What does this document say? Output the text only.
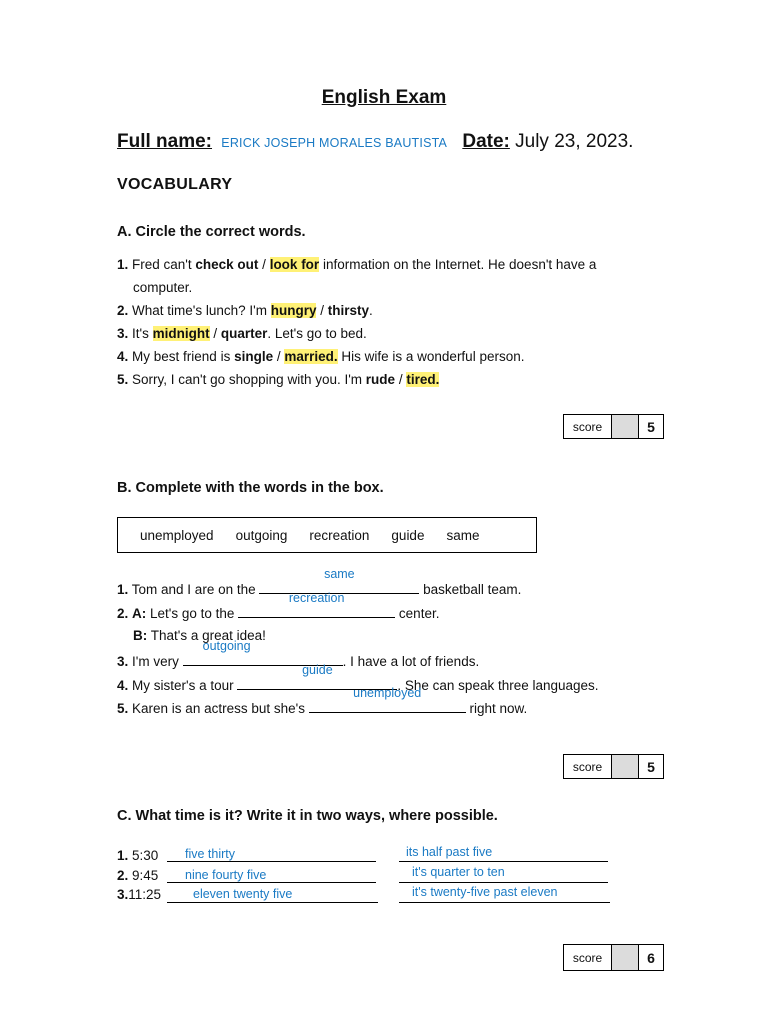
English Exam
Full name: ERICK JOSEPH MORALES BAUTISTA Date: July 23, 2023.
VOCABULARY
A. Circle the correct words.
1. Fred can't check out / look for information on the Internet. He doesn't have a
computer.
2. What time's lunch? I'm hungry / thirsty.
3. It's midnight / quarter. Let's go to bed.
4. My best friend is single / married. His wife is a wonderful person.
5. Sorry, I can't go shopping with you. I'm rude / tired.
score	5
B. Complete with the words in the box.
unemployed outgoing recreation guide same
1. Tom and I are on the
same
basketball team.
2. A: Let's go to the
recreation
center.
B: That's a great idea!
3. I'm very
outgoing
. I have a lot of friends.
4. My sister's a tour
guide
. She can speak three languages.
5. Karen is an actress but she's
unemployed
right now.
score	5
C. What time is it? Write it in two ways, where possible.
1. 5:30	five thirty	its half past five
2. 9:45	nine fourty five	it's quarter to ten
3.11:25	eleven twenty five	it's twenty-five past eleven
score	6
